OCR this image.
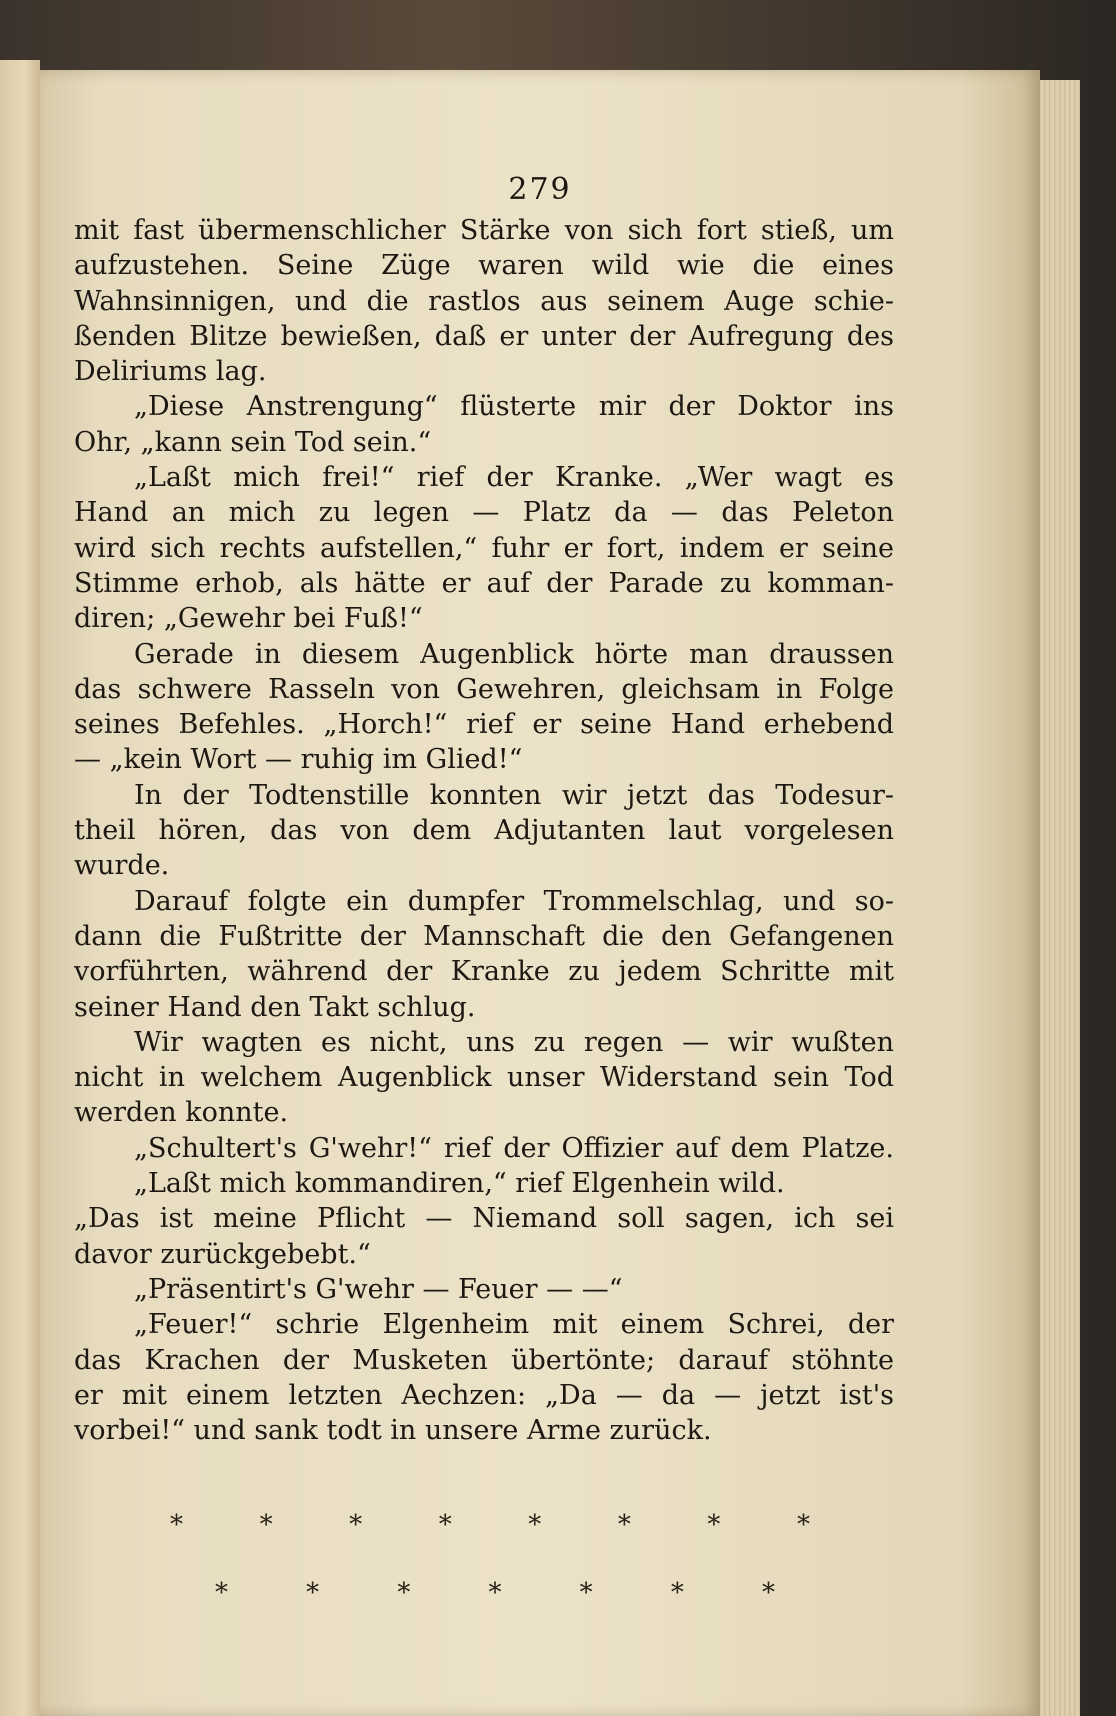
279
mit fast übermenschlicher Stärke von sich fort stieß, um
aufzustehen. Seine Züge waren wild wie die eines
Wahnsinnigen, und die rastlos aus seinem Auge schie-
ßenden Blitze bewießen, daß er unter der Aufregung des
Deliriums lag.
„Diese Anstrengung“ flüsterte mir der Doktor ins
Ohr, „kann sein Tod sein.“
„Laßt mich frei!“ rief der Kranke. „Wer wagt es
Hand an mich zu legen — Platz da — das Peleton
wird sich rechts aufstellen,“ fuhr er fort, indem er seine
Stimme erhob, als hätte er auf der Parade zu komman-
diren; „Gewehr bei Fuß!“
Gerade in diesem Augenblick hörte man draussen
das schwere Rasseln von Gewehren, gleichsam in Folge
seines Befehles. „Horch!“ rief er seine Hand erhebend
— „kein Wort — ruhig im Glied!“
In der Todtenstille konnten wir jetzt das Todesur-
theil hören, das von dem Adjutanten laut vorgelesen
wurde.
Darauf folgte ein dumpfer Trommelschlag, und so-
dann die Fußtritte der Mannschaft die den Gefangenen
vorführten, während der Kranke zu jedem Schritte mit
seiner Hand den Takt schlug.
Wir wagten es nicht, uns zu regen — wir wußten
nicht in welchem Augenblick unser Widerstand sein Tod
werden konnte.
„Schultert's G'wehr!“ rief der Offizier auf dem Platze.
„Laßt mich kommandiren,“ rief Elgenhein wild.
„Das ist meine Pflicht — Niemand soll sagen, ich sei
davor zurückgebebt.“
„Präsentirt's G'wehr — Feuer — —“
„Feuer!“ schrie Elgenheim mit einem Schrei, der
das Krachen der Musketen übertönte; darauf stöhnte
er mit einem letzten Aechzen: „Da — da — jetzt ist's
vorbei!“ und sank todt in unsere Arme zurück.
* * * * * * * *
* * * * * * *
